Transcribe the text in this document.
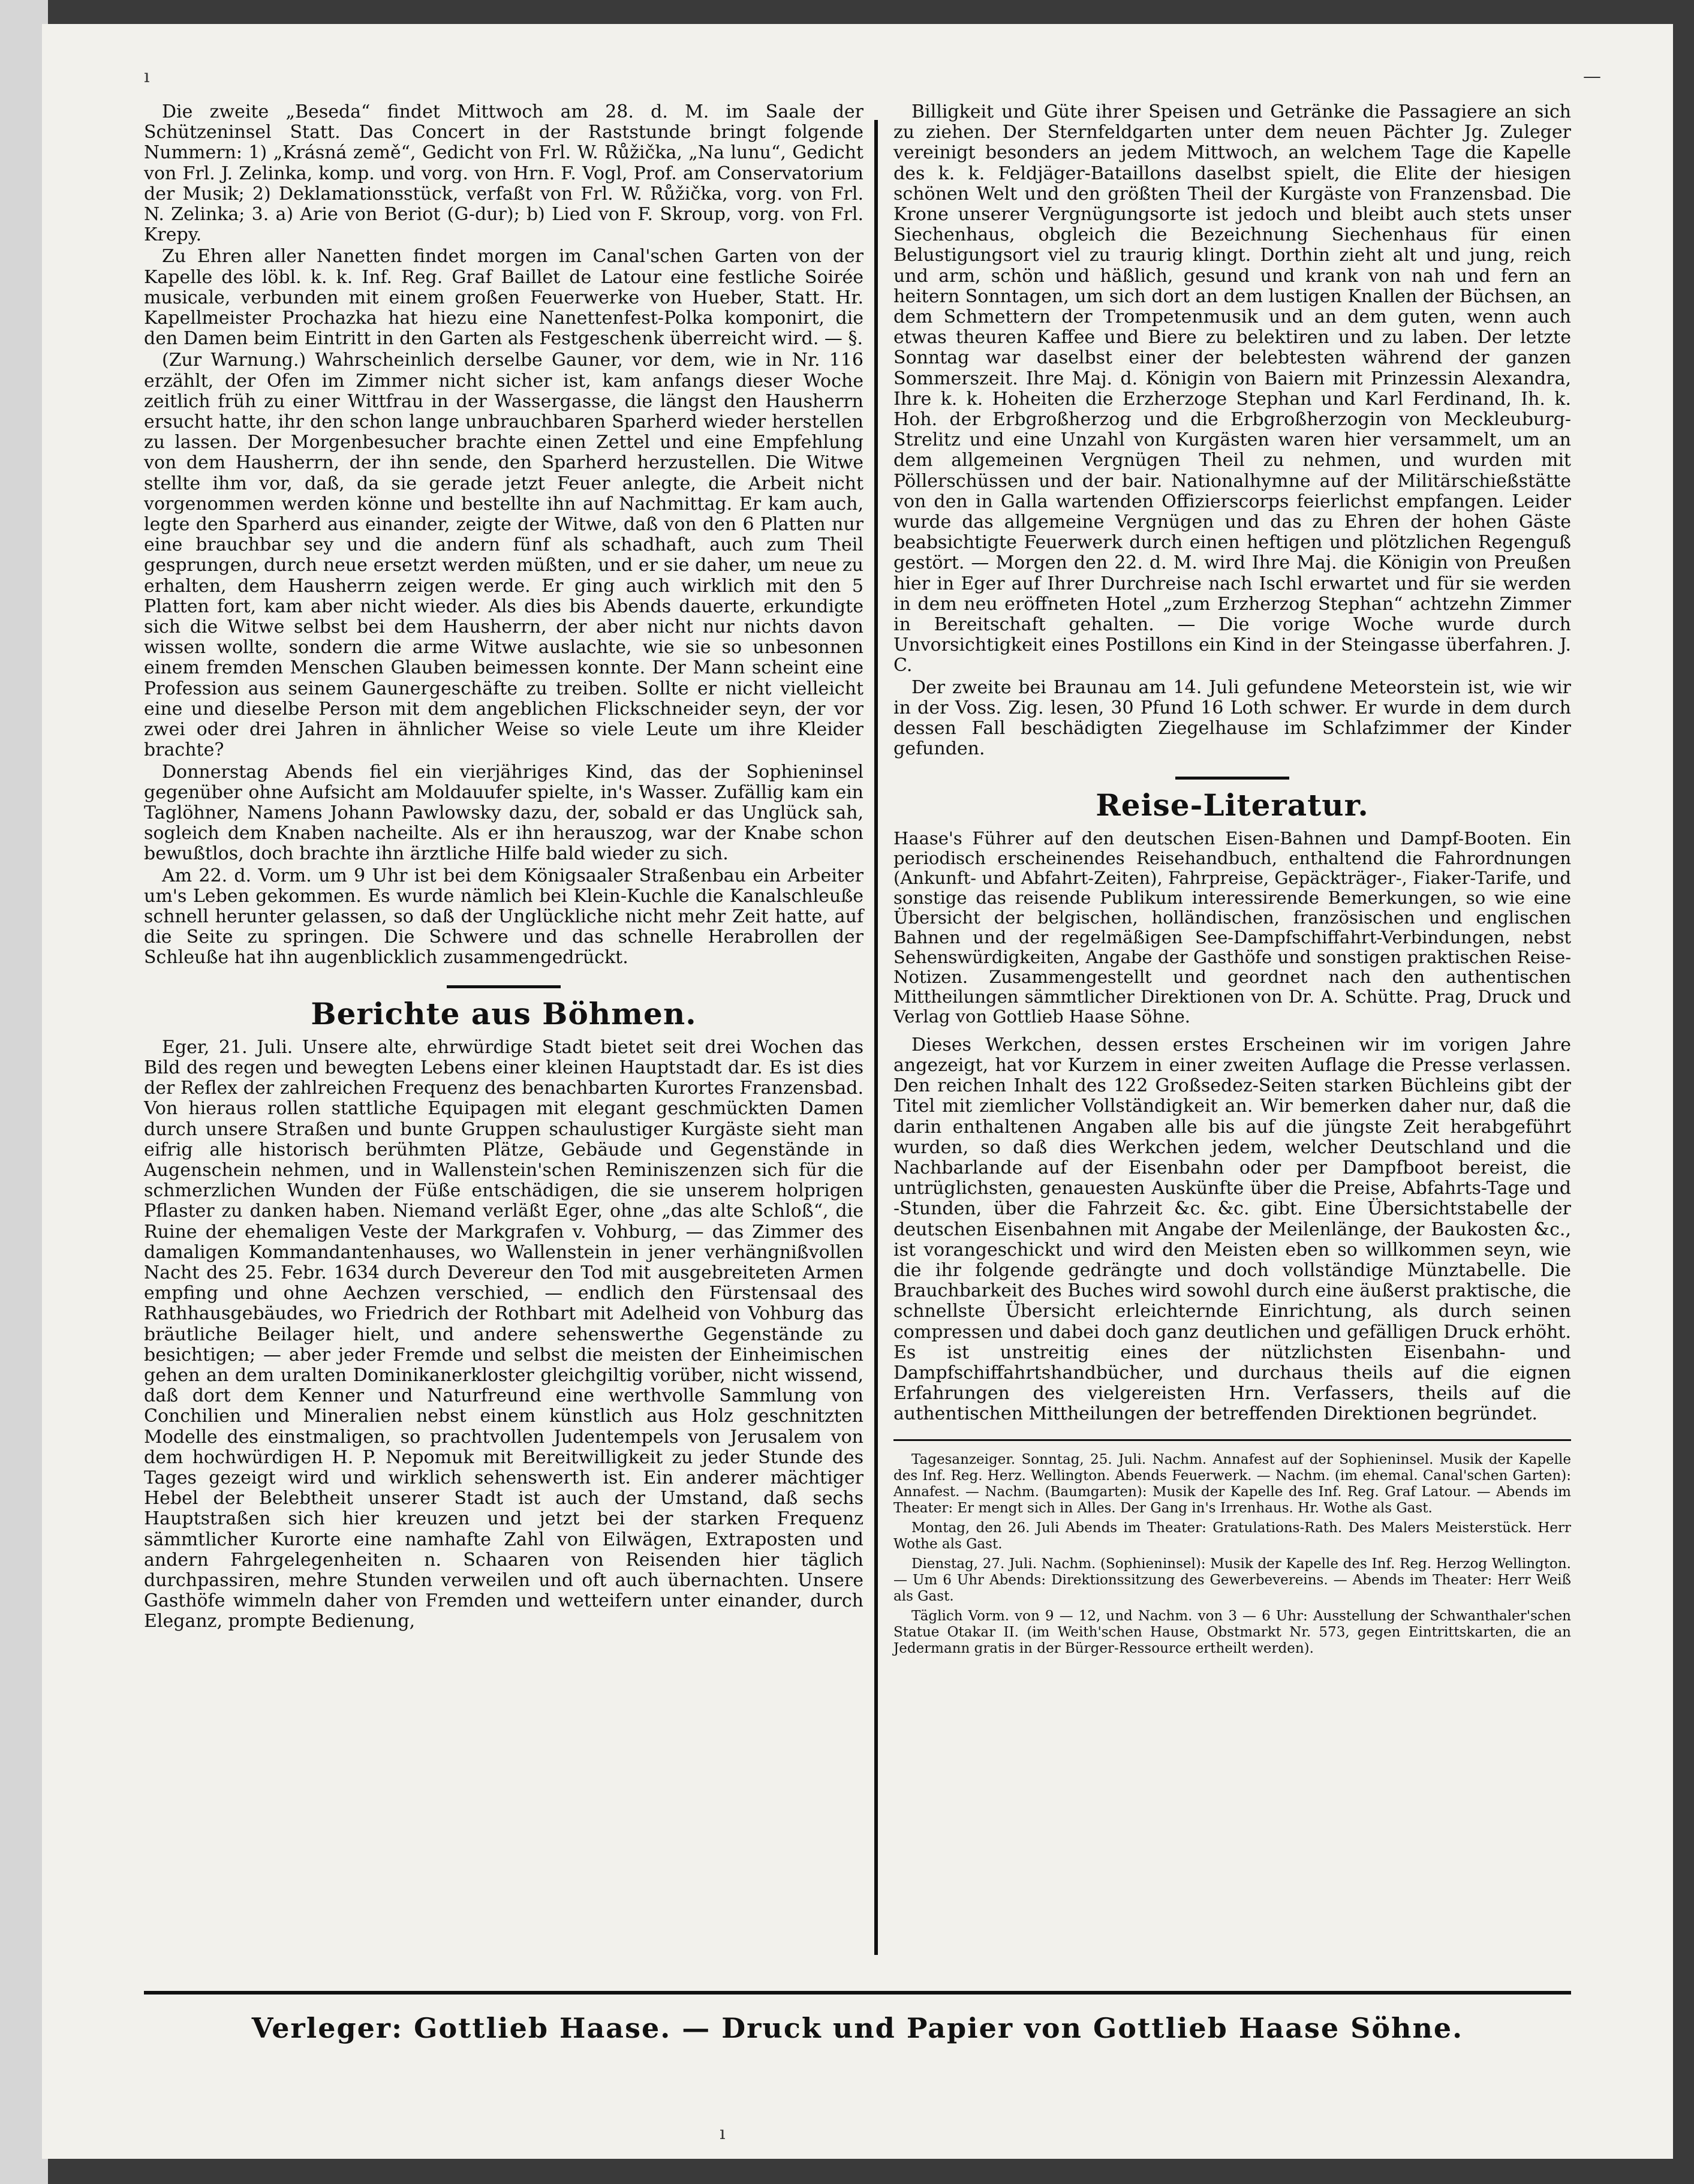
ı	—
ı

Die zweite „Beseda“ findet Mittwoch am 28. d. M. im Saale der Schützeninsel Statt. Das Concert in der Raststunde bringt folgende Nummern: 1) „Krásná země“, Gedicht von Frl. W. Růžička, „Na lunu“, Gedicht von Frl. J. Zelinka, komp. und vorg. von Hrn. F. Vogl, Prof. am Conservatorium der Musik; 2) Deklamationsstück, verfaßt von Frl. W. Růžička, vorg. von Frl. N. Zelinka; 3. a) Arie von Beriot (G-dur); b) Lied von F. Skroup, vorg. von Frl. Krepy.

Zu Ehren aller Nanetten findet morgen im Canal'schen Garten von der Kapelle des löbl. k. k. Inf. Reg. Graf Baillet de Latour eine festliche Soirée musicale, verbunden mit einem großen Feuerwerke von Hueber, Statt. Hr. Kapellmeister Prochazka hat hiezu eine Nanettenfest-Polka komponirt, die den Damen beim Eintritt in den Garten als Festgeschenk überreicht wird. — §.

(Zur Warnung.) Wahrscheinlich derselbe Gauner, vor dem, wie in Nr. 116 erzählt, der Ofen im Zimmer nicht sicher ist, kam anfangs dieser Woche zeitlich früh zu einer Wittfrau in der Wassergasse, die längst den Hausherrn ersucht hatte, ihr den schon lange unbrauchbaren Sparherd wieder herstellen zu lassen. Der Morgenbesucher brachte einen Zettel und eine Empfehlung von dem Hausherrn, der ihn sende, den Sparherd herzustellen. Die Witwe stellte ihm vor, daß, da sie gerade jetzt Feuer anlegte, die Arbeit nicht vorgenommen werden könne und bestellte ihn auf Nachmittag. Er kam auch, legte den Sparherd aus einander, zeigte der Witwe, daß von den 6 Platten nur eine brauchbar sey und die andern fünf als schadhaft, auch zum Theil gesprungen, durch neue ersetzt werden müßten, und er sie daher, um neue zu erhalten, dem Hausherrn zeigen werde. Er ging auch wirklich mit den 5 Platten fort, kam aber nicht wieder. Als dies bis Abends dauerte, erkundigte sich die Witwe selbst bei dem Hausherrn, der aber nicht nur nichts davon wissen wollte, sondern die arme Witwe auslachte, wie sie so unbesonnen einem fremden Menschen Glauben beimessen konnte. Der Mann scheint eine Profession aus seinem Gaunergeschäfte zu treiben. Sollte er nicht vielleicht eine und dieselbe Person mit dem angeblichen Flickschneider seyn, der vor zwei oder drei Jahren in ähnlicher Weise so viele Leute um ihre Kleider brachte?

Donnerstag Abends fiel ein vierjähriges Kind, das der Sophieninsel gegenüber ohne Aufsicht am Moldauufer spielte, in's Wasser. Zufällig kam ein Taglöhner, Namens Johann Pawlowsky dazu, der, sobald er das Unglück sah, sogleich dem Knaben nacheilte. Als er ihn herauszog, war der Knabe schon bewußtlos, doch brachte ihn ärztliche Hilfe bald wieder zu sich.

Am 22. d. Vorm. um 9 Uhr ist bei dem Königsaaler Straßenbau ein Arbeiter um's Leben gekommen. Es wurde nämlich bei Klein-Kuchle die Kanalschleuße schnell herunter gelassen, so daß der Unglückliche nicht mehr Zeit hatte, auf die Seite zu springen. Die Schwere und das schnelle Herabrollen der Schleuße hat ihn augenblicklich zusammengedrückt.

Berichte aus Böhmen.

Eger, 21. Juli. Unsere alte, ehrwürdige Stadt bietet seit drei Wochen das Bild des regen und bewegten Lebens einer kleinen Hauptstadt dar. Es ist dies der Reflex der zahlreichen Frequenz des benachbarten Kurortes Franzensbad. Von hieraus rollen stattliche Equipagen mit elegant geschmückten Damen durch unsere Straßen und bunte Gruppen schaulustiger Kurgäste sieht man eifrig alle historisch berühmten Plätze, Gebäude und Gegenstände in Augenschein nehmen, und in Wallenstein'schen Reminiszenzen sich für die schmerzlichen Wunden der Füße entschädigen, die sie unserem holprigen Pflaster zu danken haben. Niemand verläßt Eger, ohne „das alte Schloß“, die Ruine der ehemaligen Veste der Markgrafen v. Vohburg, — das Zimmer des damaligen Kommandantenhauses, wo Wallenstein in jener verhängnißvollen Nacht des 25. Febr. 1634 durch Devereur den Tod mit ausgebreiteten Armen empfing und ohne Aechzen verschied, — endlich den Fürstensaal des Rathhausgebäudes, wo Friedrich der Rothbart mit Adelheid von Vohburg das bräutliche Beilager hielt, und andere sehenswerthe Gegenstände zu besichtigen; — aber jeder Fremde und selbst die meisten der Einheimischen gehen an dem uralten Dominikanerkloster gleichgiltig vorüber, nicht wissend, daß dort dem Kenner und Naturfreund eine werthvolle Sammlung von Conchilien und Mineralien nebst einem künstlich aus Holz geschnitzten Modelle des einstmaligen, so prachtvollen Judentempels von Jerusalem von dem hochwürdigen H. P. Nepomuk mit Bereitwilligkeit zu jeder Stunde des Tages gezeigt wird und wirklich sehenswerth ist. Ein anderer mächtiger Hebel der Belebtheit unserer Stadt ist auch der Umstand, daß sechs Hauptstraßen sich hier kreuzen und jetzt bei der starken Frequenz sämmtlicher Kurorte eine namhafte Zahl von Eilwägen, Extraposten und andern Fahrgelegenheiten n. Schaaren von Reisenden hier täglich durchpassiren, mehre Stunden verweilen und oft auch übernachten. Unsere Gasthöfe wimmeln daher von Fremden und wetteifern unter einander, durch Eleganz, prompte Bedienung,

Billigkeit und Güte ihrer Speisen und Getränke die Passagiere an sich zu ziehen. Der Sternfeldgarten unter dem neuen Pächter Jg. Zuleger vereinigt besonders an jedem Mittwoch, an welchem Tage die Kapelle des k. k. Feldjäger-Bataillons daselbst spielt, die Elite der hiesigen schönen Welt und den größten Theil der Kurgäste von Franzensbad. Die Krone unserer Vergnügungsorte ist jedoch und bleibt auch stets unser Siechenhaus, obgleich die Bezeichnung Siechenhaus für einen Belustigungsort viel zu traurig klingt. Dorthin zieht alt und jung, reich und arm, schön und häßlich, gesund und krank von nah und fern an heitern Sonntagen, um sich dort an dem lustigen Knallen der Büchsen, an dem Schmettern der Trompetenmusik und an dem guten, wenn auch etwas theuren Kaffee und Biere zu belektiren und zu laben. Der letzte Sonntag war daselbst einer der belebtesten während der ganzen Sommerszeit. Ihre Maj. d. Königin von Baiern mit Prinzessin Alexandra, Ihre k. k. Hoheiten die Erzherzoge Stephan und Karl Ferdinand, Ih. k. Hoh. der Erbgroßherzog und die Erbgroßherzogin von Meckleuburg-Strelitz und eine Unzahl von Kurgästen waren hier versammelt, um an dem allgemeinen Vergnügen Theil zu nehmen, und wurden mit Pöllerschüssen und der bair. Nationalhymne auf der Militärschießstätte von den in Galla wartenden Offizierscorps feierlichst empfangen. Leider wurde das allgemeine Vergnügen und das zu Ehren der hohen Gäste beabsichtigte Feuerwerk durch einen heftigen und plötzlichen Regenguß gestört. — Morgen den 22. d. M. wird Ihre Maj. die Königin von Preußen hier in Eger auf Ihrer Durchreise nach Ischl erwartet und für sie werden in dem neu eröffneten Hotel „zum Erzherzog Stephan“ achtzehn Zimmer in Bereitschaft gehalten. — Die vorige Woche wurde durch Unvorsichtigkeit eines Postillons ein Kind in der Steingasse überfahren. J. C.

Der zweite bei Braunau am 14. Juli gefundene Meteorstein ist, wie wir in der Voss. Zig. lesen, 30 Pfund 16 Loth schwer. Er wurde in dem durch dessen Fall beschädigten Ziegelhause im Schlafzimmer der Kinder gefunden.

Reise-Literatur.

Haase's Führer auf den deutschen Eisen-Bahnen und Dampf-Booten. Ein periodisch erscheinendes Reisehandbuch, enthaltend die Fahrordnungen (Ankunft- und Abfahrt-Zeiten), Fahrpreise, Gepäckträger-, Fiaker-Tarife, und sonstige das reisende Publikum interessirende Bemerkungen, so wie eine Übersicht der belgischen, holländischen, französischen und englischen Bahnen und der regelmäßigen See-Dampfschiffahrt-Verbindungen, nebst Sehenswürdigkeiten, Angabe der Gasthöfe und sonstigen praktischen Reise-Notizen. Zusammengestellt und geordnet nach den authentischen Mittheilungen sämmtlicher Direktionen von Dr. A. Schütte. Prag, Druck und Verlag von Gottlieb Haase Söhne.

Dieses Werkchen, dessen erstes Erscheinen wir im vorigen Jahre angezeigt, hat vor Kurzem in einer zweiten Auflage die Presse verlassen. Den reichen Inhalt des 122 Großsedez-Seiten starken Büchleins gibt der Titel mit ziemlicher Vollständigkeit an. Wir bemerken daher nur, daß die darin enthaltenen Angaben alle bis auf die jüngste Zeit herabgeführt wurden, so daß dies Werkchen jedem, welcher Deutschland und die Nachbarlande auf der Eisenbahn oder per Dampfboot bereist, die untrüglichsten, genauesten Auskünfte über die Preise, Abfahrts-Tage und -Stunden, über die Fahrzeit &c. &c. gibt. Eine Übersichtstabelle der deutschen Eisenbahnen mit Angabe der Meilenlänge, der Baukosten &c., ist vorangeschickt und wird den Meisten eben so willkommen seyn, wie die ihr folgende gedrängte und doch vollständige Münztabelle. Die Brauchbarkeit des Buches wird sowohl durch eine äußerst praktische, die schnellste Übersicht erleichternde Einrichtung, als durch seinen compressen und dabei doch ganz deutlichen und gefälligen Druck erhöht. Es ist unstreitig eines der nützlichsten Eisenbahn- und Dampfschiffahrtshandbücher, und durchaus theils auf die eignen Erfahrungen des vielgereisten Hrn. Verfassers, theils auf die authentischen Mittheilungen der betreffenden Direktionen begründet.

Tagesanzeiger. Sonntag, 25. Juli. Nachm. Annafest auf der Sophieninsel. Musik der Kapelle des Inf. Reg. Herz. Wellington. Abends Feuerwerk. — Nachm. (im ehemal. Canal'schen Garten): Annafest. — Nachm. (Baumgarten): Musik der Kapelle des Inf. Reg. Graf Latour. — Abends im Theater: Er mengt sich in Alles. Der Gang in's Irrenhaus. Hr. Wothe als Gast.

Montag, den 26. Juli Abends im Theater: Gratulations-Rath. Des Malers Meisterstück. Herr Wothe als Gast.

Dienstag, 27. Juli. Nachm. (Sophieninsel): Musik der Kapelle des Inf. Reg. Herzog Wellington. — Um 6 Uhr Abends: Direktionssitzung des Gewerbevereins. — Abends im Theater: Herr Weiß als Gast.

Täglich Vorm. von 9 — 12, und Nachm. von 3 — 6 Uhr: Ausstellung der Schwanthaler'schen Statue Otakar II. (im Weith'schen Hause, Obstmarkt Nr. 573, gegen Eintrittskarten, die an Jedermann gratis in der Bürger-Ressource ertheilt werden).

Verleger: Gottlieb Haase. — Druck und Papier von Gottlieb Haase Söhne.
